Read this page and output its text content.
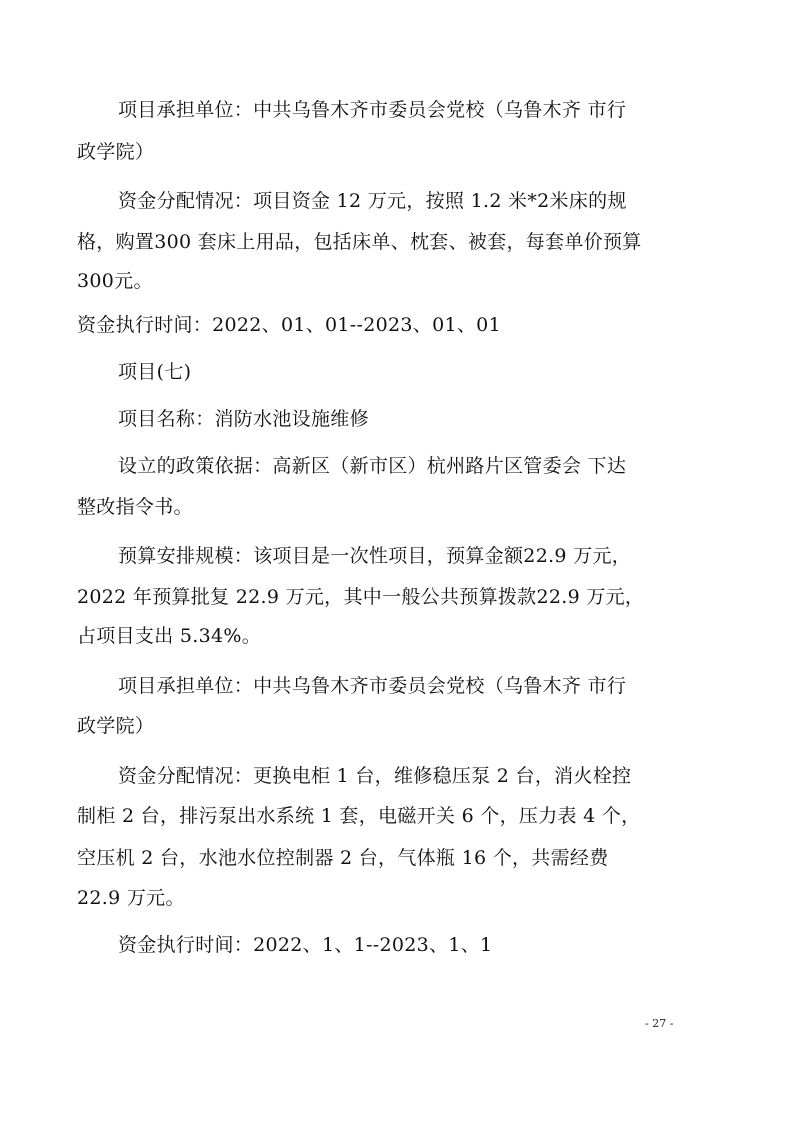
项目承担单位：中共乌鲁木齐市委员会党校（乌鲁木齐 市行
政学院）
资金分配情况：项目资金 12 万元，按照 1.2 米*2米床的规
格，购置300 套床上用品，包括床单、枕套、被套，每套单价预算
300元。
资金执行时间：2022、01、01--2023、01、01
项目(七)
项目名称：消防水池设施维修
设立的政策依据：高新区（新市区）杭州路片区管委会 下达
整改指令书。
预算安排规模：该项目是一次性项目，预算金额22.9 万元，
2022 年预算批复 22.9 万元，其中一般公共预算拨款22.9 万元，
占项目支出 5.34%。
项目承担单位：中共乌鲁木齐市委员会党校（乌鲁木齐 市行
政学院）
资金分配情况：更换电柜 1 台，维修稳压泵 2 台，消火栓控
制柜 2 台，排污泵出水系统 1 套，电磁开关 6 个，压力表 4 个，
空压机 2 台，水池水位控制器 2 台，气体瓶 16 个，共需经费
22.9 万元。
资金执行时间：2022、1、1--2023、1、1
- 27 -
